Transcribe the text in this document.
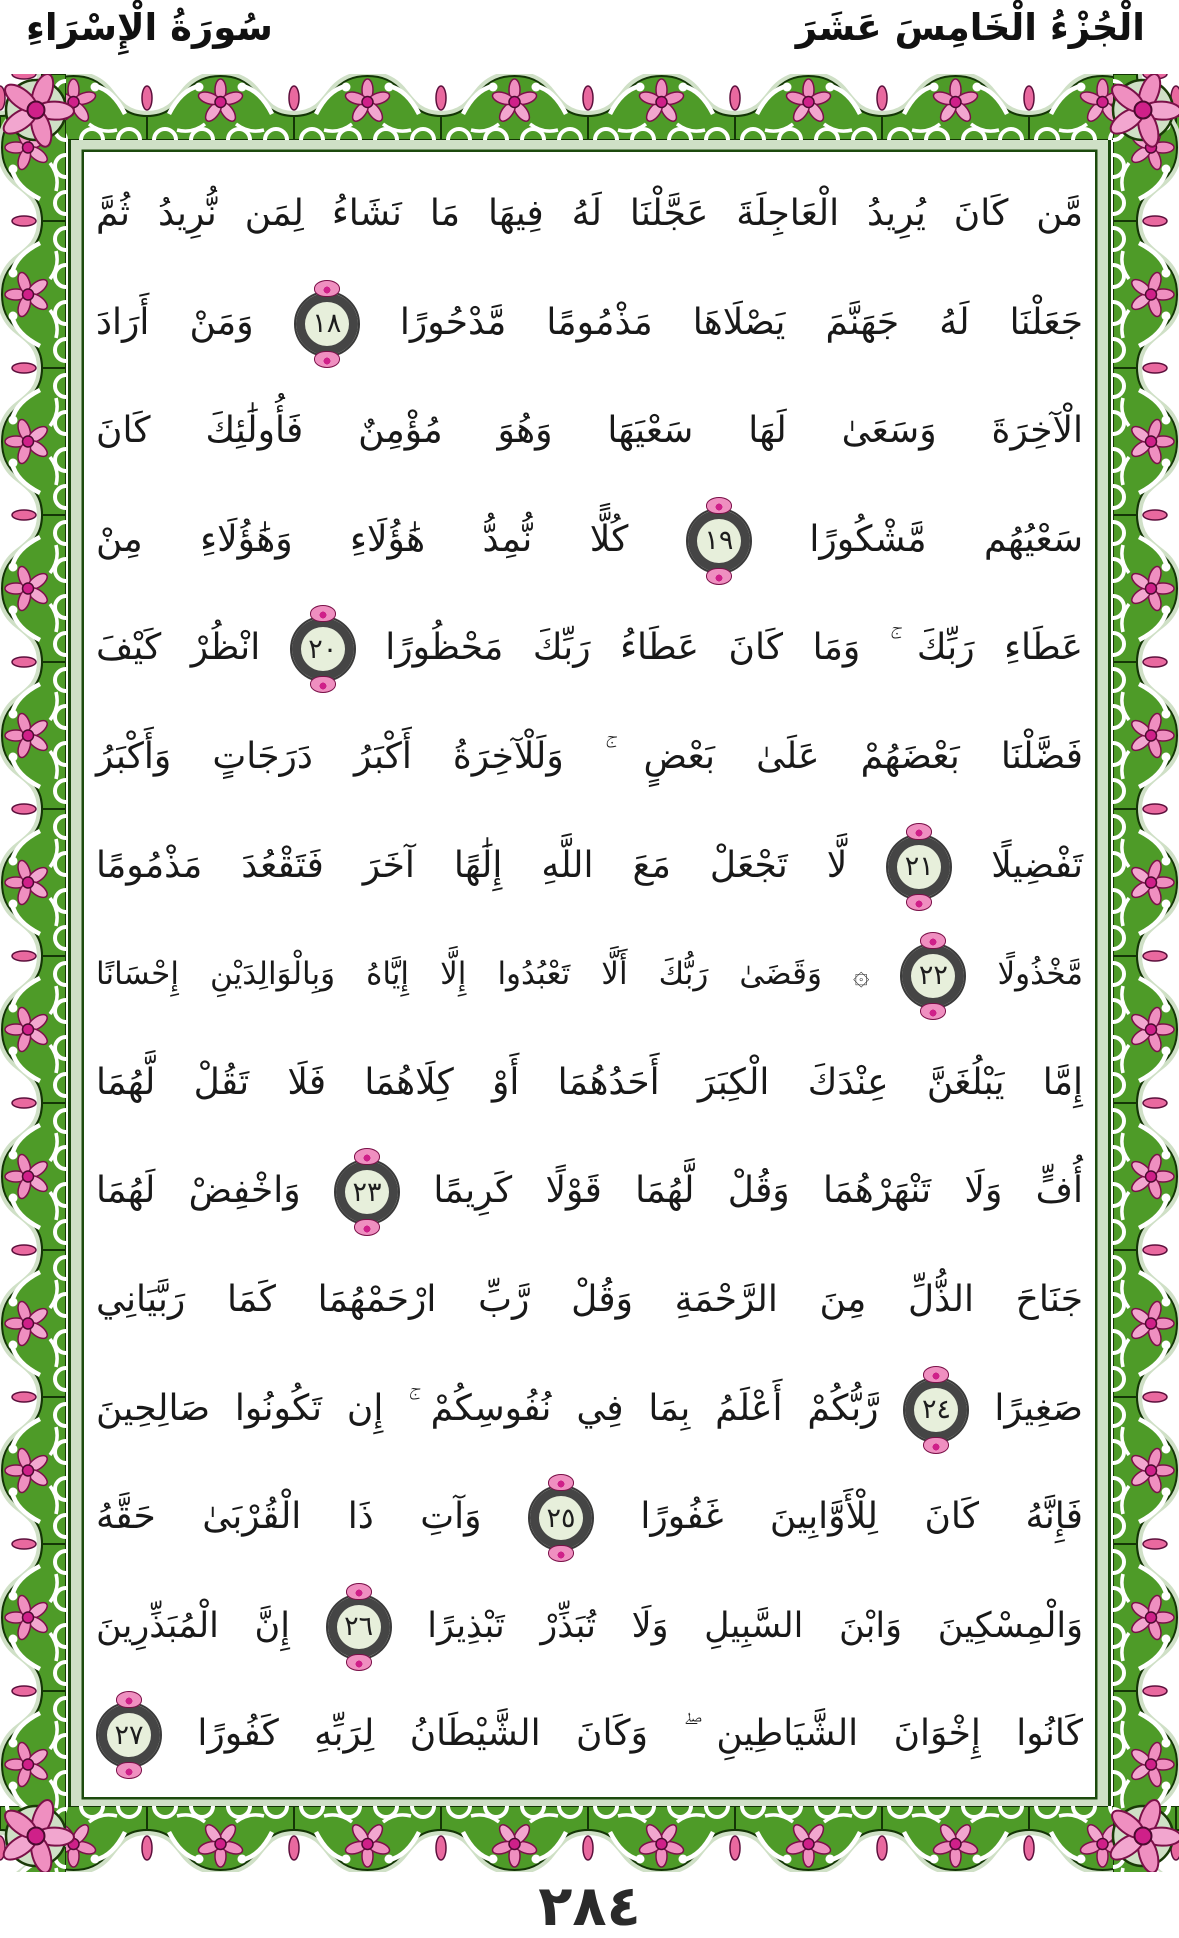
الْجُزْءُ الْخَامِسَ عَشَرَ
سُورَةُ الْإِسْرَاءِ
مَّن كَانَ يُرِيدُ الْعَاجِلَةَ عَجَّلْنَا لَهُ فِيهَا مَا نَشَاءُ لِمَن نُّرِيدُ ثُمَّ
جَعَلْنَا لَهُ جَهَنَّمَ يَصْلَاهَا مَذْمُومًا مَّدْحُورًا ١٨ وَمَنْ أَرَادَ
الْآخِرَةَ وَسَعَىٰ لَهَا سَعْيَهَا وَهُوَ مُؤْمِنٌ فَأُولَٰئِكَ كَانَ
سَعْيُهُم مَّشْكُورًا ١٩ كُلًّا نُّمِدُّ هَٰؤُلَاءِ وَهَٰؤُلَاءِ مِنْ
عَطَاءِ رَبِّكَ ۚ وَمَا كَانَ عَطَاءُ رَبِّكَ مَحْظُورًا ٢٠ انْظُرْ كَيْفَ
فَضَّلْنَا بَعْضَهُمْ عَلَىٰ بَعْضٍ ۚ وَلَلْآخِرَةُ أَكْبَرُ دَرَجَاتٍ وَأَكْبَرُ
تَفْضِيلًا ٢١ لَّا تَجْعَلْ مَعَ اللَّهِ إِلَٰهًا آخَرَ فَتَقْعُدَ مَذْمُومًا
مَّخْذُولًا ٢٢ ۞ وَقَضَىٰ رَبُّكَ أَلَّا تَعْبُدُوا إِلَّا إِيَّاهُ وَبِالْوَالِدَيْنِ إِحْسَانًا
إِمَّا يَبْلُغَنَّ عِنْدَكَ الْكِبَرَ أَحَدُهُمَا أَوْ كِلَاهُمَا فَلَا تَقُلْ لَّهُمَا
أُفٍّ وَلَا تَنْهَرْهُمَا وَقُلْ لَّهُمَا قَوْلًا كَرِيمًا ٢٣ وَاخْفِضْ لَهُمَا
جَنَاحَ الذُّلِّ مِنَ الرَّحْمَةِ وَقُلْ رَّبِّ ارْحَمْهُمَا كَمَا رَبَّيَانِي
صَغِيرًا ٢٤ رَّبُّكُمْ أَعْلَمُ بِمَا فِي نُفُوسِكُمْ ۚ إِن تَكُونُوا صَالِحِينَ
فَإِنَّهُ كَانَ لِلْأَوَّابِينَ غَفُورًا ٢٥ وَآتِ ذَا الْقُرْبَىٰ حَقَّهُ
وَالْمِسْكِينَ وَابْنَ السَّبِيلِ وَلَا تُبَذِّرْ تَبْذِيرًا ٢٦ إِنَّ الْمُبَذِّرِينَ
كَانُوا إِخْوَانَ الشَّيَاطِينِ ۖ وَكَانَ الشَّيْطَانُ لِرَبِّهِ كَفُورًا ٢٧
٢٨٤
